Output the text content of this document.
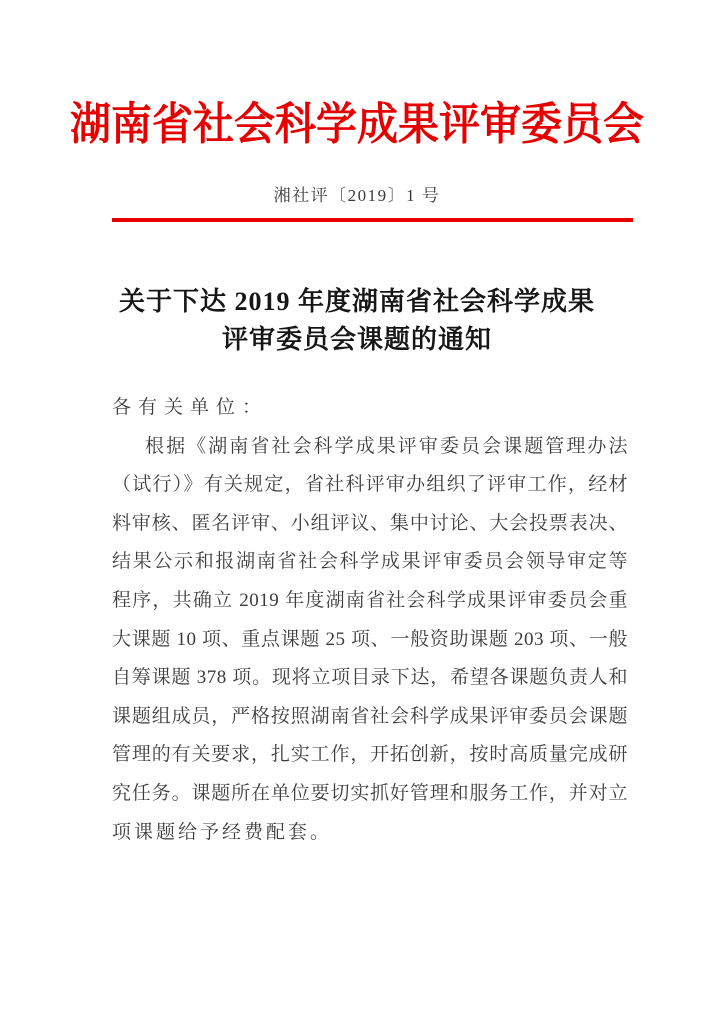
湖南省社会科学成果评审委员会
湘社评〔2019〕1 号
关于下达 2019 年度湖南省社会科学成果
评审委员会课题的通知
各有关单位：
根据《湖南省社会科学成果评审委员会课题管理办法
（试行）》有关规定，省社科评审办组织了评审工作，经材
料审核、匿名评审、小组评议、集中讨论、大会投票表决、
结果公示和报湖南省社会科学成果评审委员会领导审定等
程序，共确立 2019 年度湖南省社会科学成果评审委员会重
大课题 10 项、重点课题 25 项、一般资助课题 203 项、一般
自筹课题 378 项。现将立项目录下达，希望各课题负责人和
课题组成员，严格按照湖南省社会科学成果评审委员会课题
管理的有关要求，扎实工作，开拓创新，按时高质量完成研
究任务。课题所在单位要切实抓好管理和服务工作，并对立
项课题给予经费配套。
